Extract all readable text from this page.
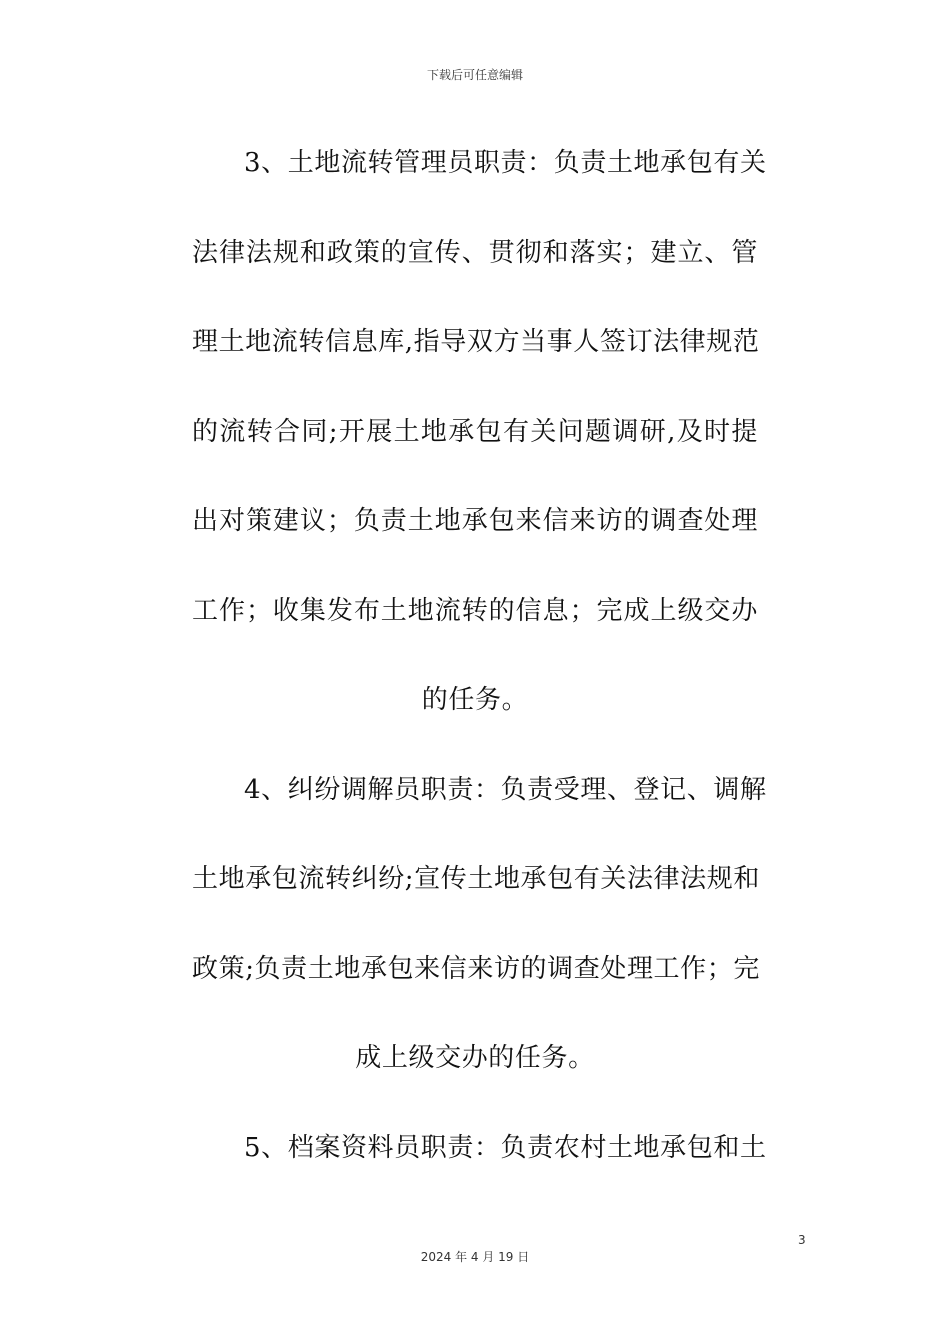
下载后可任意编辑
3、土地流转管理员职责：负责土地承包有关
法律法规和政策的宣传、贯彻和落实；建立、管
理土地流转信息库,指导双方当事人签订法律规范
的流转合同;开展土地承包有关问题调研,及时提
出对策建议；负责土地承包来信来访的调查处理
工作；收集发布土地流转的信息；完成上级交办
的任务。
4、纠纷调解员职责：负责受理、登记、调解
土地承包流转纠纷;宣传土地承包有关法律法规和
政策;负责土地承包来信来访的调查处理工作；完
成上级交办的任务。
5、档案资料员职责：负责农村土地承包和土
3
2024 年 4 月 19 日
